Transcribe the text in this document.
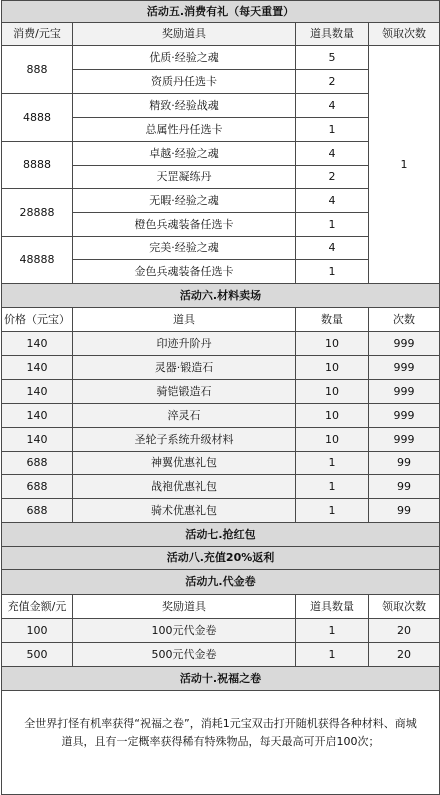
活动五.消费有礼（每天重置）			
消费/元宝	奖励道具	道具数量	领取次数
888	优质·经验之魂	5	1
	资质丹任选卡	2	
4888	精致·经验战魂	4	
	总属性丹任选卡	1	
8888	卓越·经验之魂	4	
	天罡凝练丹	2	
28888	无暇·经验之魂	4	
	橙色兵魂装备任选卡	1	
48888	完美·经验之魂	4	
	金色兵魂装备任选卡	1	
活动六.材料卖场			
价格（元宝）	道具	数量	次数
140	印迹升阶丹	10	999
140	灵器·锻造石	10	999
140	骑铠锻造石	10	999
140	淬灵石	10	999
140	圣轮子系统升级材料	10	999
688	神翼优惠礼包	1	99
688	战袍优惠礼包	1	99
688	骑术优惠礼包	1	99
活动七.抢红包			
活动八.充值20%返利			
活动九.代金卷			
充值金额/元	奖励道具	道具数量	领取次数
100	100元代金卷	1	20
500	500元代金卷	1	20
活动十.祝福之卷			
全世界打怪有机率获得“祝福之卷”，消耗1元宝双击打开随机获得各种材料、商城道具，且有一定概率获得稀有特殊物品，每天最高可开启100次；			
